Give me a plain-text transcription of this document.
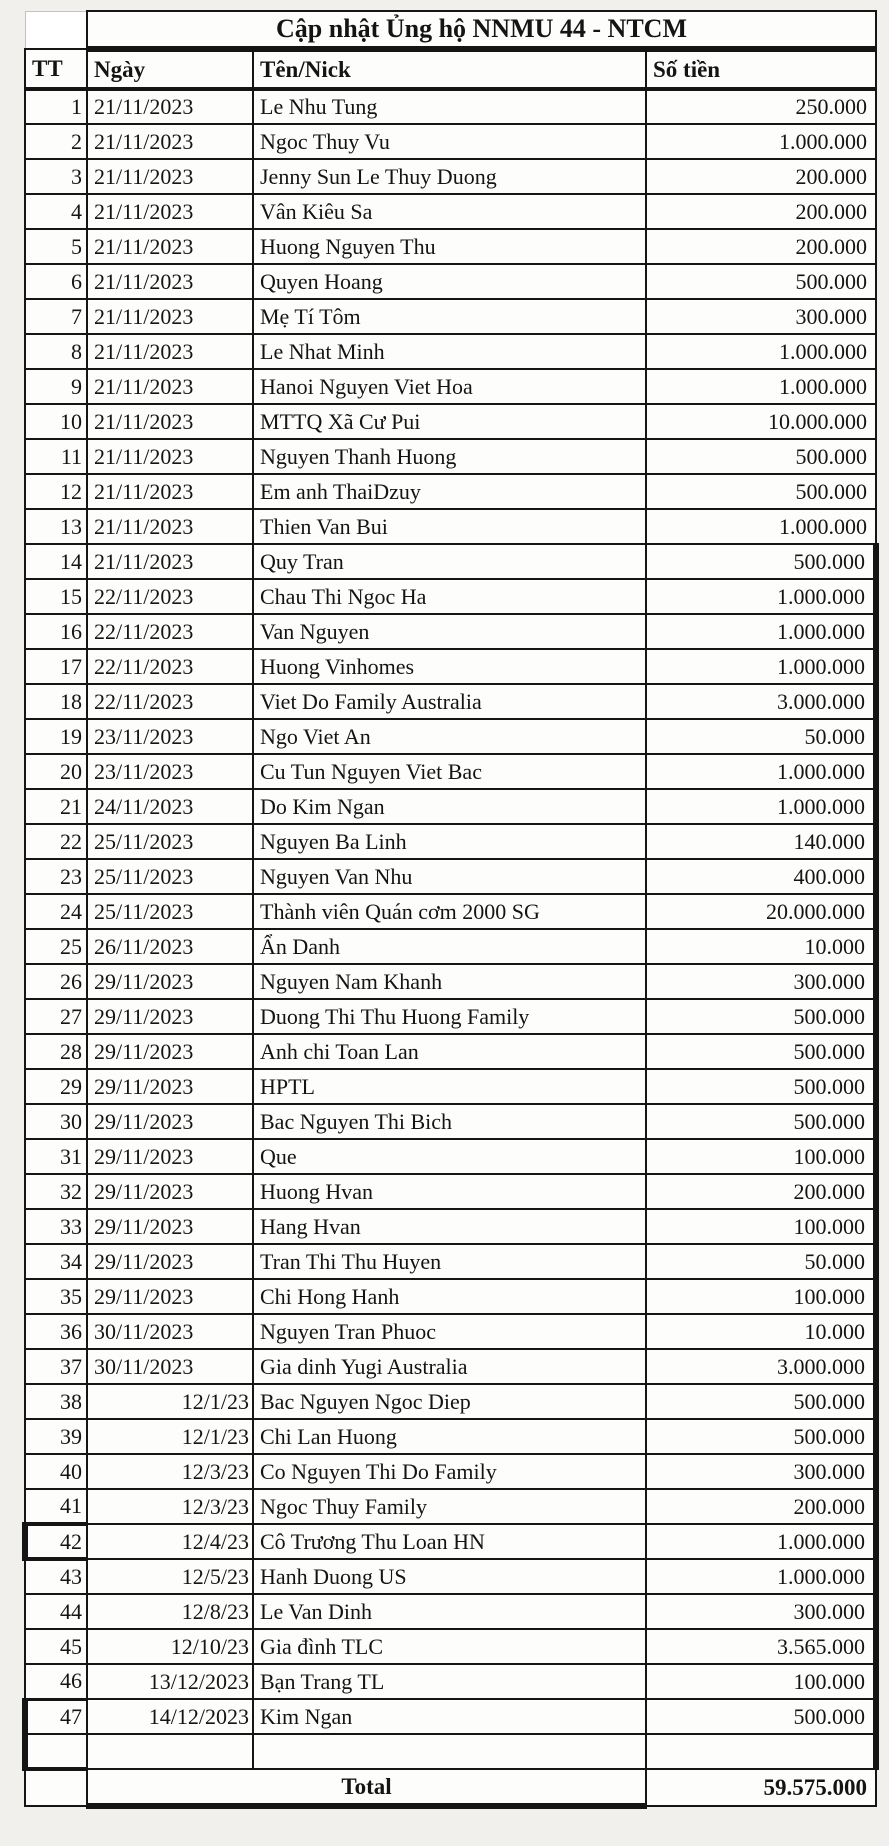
	Cập nhật Ủng hộ NNMU 44 - NTCM		
TT	Ngày	Tên/Nick	Số tiền
1	21/11/2023	Le Nhu Tung	250.000
2	21/11/2023	Ngoc Thuy Vu	1.000.000
3	21/11/2023	Jenny Sun Le Thuy Duong	200.000
4	21/11/2023	Vân Kiêu Sa	200.000
5	21/11/2023	Huong Nguyen Thu	200.000
6	21/11/2023	Quyen Hoang	500.000
7	21/11/2023	Mẹ Tí Tôm	300.000
8	21/11/2023	Le Nhat Minh	1.000.000
9	21/11/2023	Hanoi Nguyen Viet Hoa	1.000.000
10	21/11/2023	MTTQ Xã Cư Pui	10.000.000
11	21/11/2023	Nguyen Thanh Huong	500.000
12	21/11/2023	Em anh ThaiDzuy	500.000
13	21/11/2023	Thien Van Bui	1.000.000
14	21/11/2023	Quy Tran	500.000
15	22/11/2023	Chau Thi Ngoc Ha	1.000.000
16	22/11/2023	Van Nguyen	1.000.000
17	22/11/2023	Huong Vinhomes	1.000.000
18	22/11/2023	Viet Do Family Australia	3.000.000
19	23/11/2023	Ngo Viet An	50.000
20	23/11/2023	Cu Tun Nguyen Viet Bac	1.000.000
21	24/11/2023	Do Kim Ngan	1.000.000
22	25/11/2023	Nguyen Ba Linh	140.000
23	25/11/2023	Nguyen Van Nhu	400.000
24	25/11/2023	Thành viên Quán cơm 2000 SG	20.000.000
25	26/11/2023	Ẩn Danh	10.000
26	29/11/2023	Nguyen Nam Khanh	300.000
27	29/11/2023	Duong Thi Thu Huong Family	500.000
28	29/11/2023	Anh chi Toan Lan	500.000
29	29/11/2023	HPTL	500.000
30	29/11/2023	Bac Nguyen Thi Bich	500.000
31	29/11/2023	Que	100.000
32	29/11/2023	Huong Hvan	200.000
33	29/11/2023	Hang Hvan	100.000
34	29/11/2023	Tran Thi Thu Huyen	50.000
35	29/11/2023	Chi Hong Hanh	100.000
36	30/11/2023	Nguyen Tran Phuoc	10.000
37	30/11/2023	Gia dinh Yugi Australia	3.000.000
38	12/1/23	Bac Nguyen Ngoc Diep	500.000
39	12/1/23	Chi Lan Huong	500.000
40	12/3/23	Co Nguyen Thi Do Family	300.000
41	12/3/23	Ngoc Thuy Family	200.000
42	12/4/23	Cô Trương Thu Loan HN	1.000.000
43	12/5/23	Hanh Duong US	1.000.000
44	12/8/23	Le Van Dinh	300.000
45	12/10/23	Gia đình TLC	3.565.000
46	13/12/2023	Bạn Trang TL	100.000
47	14/12/2023	Kim Ngan	500.000

	Total		59.575.000
